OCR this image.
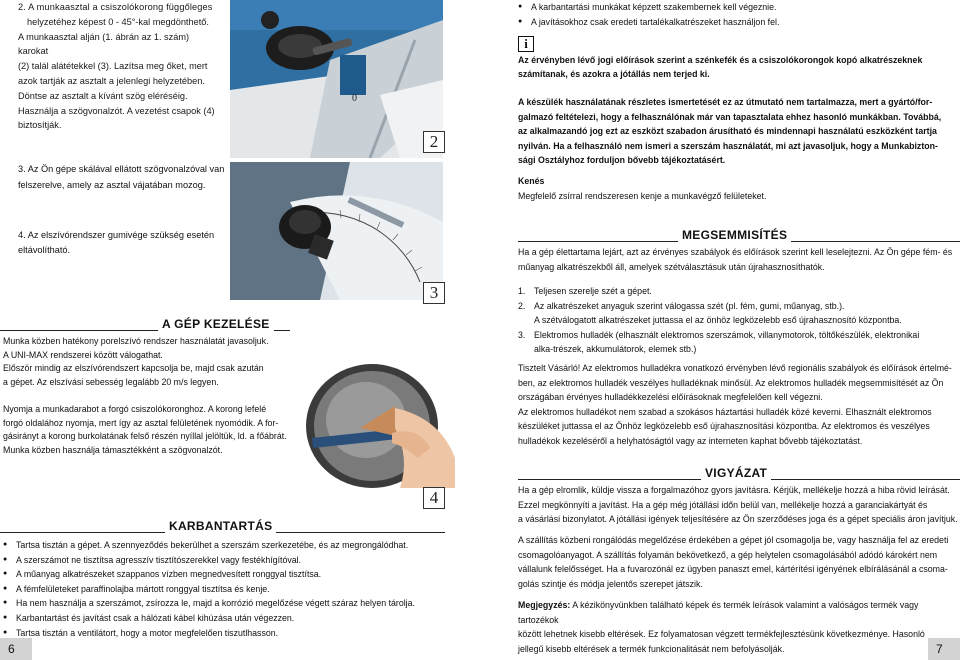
2. A munkaasztal a csiszolókorong függőleges

helyzetéhez képest 0 - 45°-kal megdönthető.

A munkaasztal alján (1. ábrán az 1. szám) karokat

(2) talál alátétekkel (3). Lazítsa meg őket, mert

azok tartják az asztalt a jelenlegi helyzetében.

Döntse az asztalt a kívánt szög eléréséig.

Használja a szögvonalzót. A vezetést csapok (4)

biztosítják.

3. Az Ön gépe skálával ellátott szögvonalzóval van

felszerelve, amely az asztal vájatában mozog.

4. Az elszívórendszer gumivége szükség esetén

eltávolítható.

0
2
3
4
A GÉP KEZELÉSE

Munka közben hatékony porelszívó rendszer használatát javasoljuk.

A UNI-MAX rendszerei között válogathat.

Először mindig az elszívórendszert kapcsolja be, majd csak azután

a gépet. Az elszívási sebesség legalább 20 m/s legyen.

Nyomja a munkadarabot a forgó csiszolókoronghoz. A korong lefelé

forgó oldalához nyomja, mert így az asztal felületének nyomódik. A for-

gásirányt a korong burkolatának felső részén nyíllal jelöltük, ld. a főábrát.

Munka közben használja támasztékként a szögvonalzót.

KARBANTARTÁS
● Tartsa tisztán a gépet. A szennyeződés bekerülhet a szerszám szerkezetébe, és az megrongálódhat.
● A szerszámot ne tisztítsa agresszív tisztítószerekkel vagy festékhígítóval.
● A műanyag alkatrészeket szappanos vízben megnedvesített ronggyal tisztítsa.
● A fémfelületeket paraffinolajba mártott ronggyal tisztítsa és kenje.
● Ha nem használja a szerszámot, zsírozza le, majd a korrózió megelőzése végett száraz helyen tárolja.
● Karbantartást és javítást csak a hálózati kábel kihúzása után végezzen.
● Tartsa tisztán a ventilátort, hogy a motor megfelelően tiszutlhasson.
6
● A karbantartási munkákat képzett szakembernek kell végeznie.
● A javításokhoz csak eredeti tartalékalkatrészeket használjon fel.
i

Az érvényben lévő jogi előírások szerint a szénkefék és a csiszolókorongok kopó alkatrészeknek

számítanak, és azokra a jótállás nem terjed ki.

A készülék használatának részletes ismertetését ez az útmutató nem tartalmazza, mert a gyártó/for-

galmazó feltételezi, hogy a felhasználónak már van tapasztalata ehhez hasonló munkákban. Továbbá,

az alkalmazandó jog ezt az eszközt szabadon árusítható és mindennapi használatú eszközként tartja

nyilván. Ha a felhasználó nem ismeri a szerszám használatát, mi azt javasoljuk, hogy a Munkabizton-

sági Osztályhoz forduljon bővebb tájékoztatásért.

Kenés

Megfelelő zsírral rendszeresen kenje a munkavégző felületeket.

MEGSEMMISÍTÉS

Ha a gép élettartama lejárt, azt az érvényes szabályok és előírások szerint kell leselejtezni. Az Ön gépe fém- és

műanyag alkatrészekből áll, amelyek szétválasztásuk után újrahasznosíthatók.

1. Teljesen szerelje szét a gépet.

2. Az alkatrészeket anyaguk szerint válogassa szét (pl. fém, gumi, műanyag, stb.).

A szétválogatott alkatrészeket juttassa el az önhöz legközelebb eső újrahasznosító központba.

3. Elektromos hulladék (elhasznált elektromos szerszámok, villanymotorok, töltőkészülék, elektronikai

alka-trészek, akkumulátorok, elemek stb.)

Tisztelt Vásárló! Az elektromos hulladékra vonatkozó érvényben lévő regionális szabályok és előírások értelmé-

ben, az elektromos hulladék veszélyes hulladéknak minősül. Az elektromos hulladék megsemmisítését az Ön

országában érvényes hulladékkezelési előírásoknak megfelelően kell végezni.

Az elektromos hulladékot nem szabad a szokásos háztartási hulladék közé keverni. Elhasznált elektromos

készüléket juttassa el az Önhöz legközelebb eső újrahasznosítási központba. Az elektromos és veszélyes

hulladékok kezeléséről a helyhatóságtól vagy az interneten kaphat bővebb tájékoztatást.

VIGYÁZAT

Ha a gép elromlik, küldje vissza a forgalmazóhoz gyors javításra. Kérjük, mellékelje hozzá a hiba rövid leírását.

Ezzel megkönnyíti a javítást. Ha a gép még jótállási időn belül van, mellékelje hozzá a garanciakártyát és

a vásárlási bizonylatot. A jótállási igények teljesítésére az Ön szerződéses joga és a gépet speciális áron javítjuk.

A szállítás közbeni rongálódás megelőzése érdekében a gépet jól csomagolja be, vagy használja fel az eredeti

csomagolóanyagot. A szállítás folyamán bekövetkező, a gép helytelen csomagolásából adódó károkért nem

vállalunk felelősséget. Ha a fuvarozónál ez ügyben panaszt emel, kártérítési igényének elbírálásánál a csoma-

golás szintje és módja jelentős szerepet játszik.

Megjegyzés: A kézikönyvünkben található képek és termék leírások valamint a valóságos termék vagy tartozékok

között lehetnek kisebb eltérések. Ez folyamatosan végzett termékfejlesztésünk következménye. Hasonló

jellegű kisebb eltérések a termék funkcionalitását nem befolyásolják.	7
